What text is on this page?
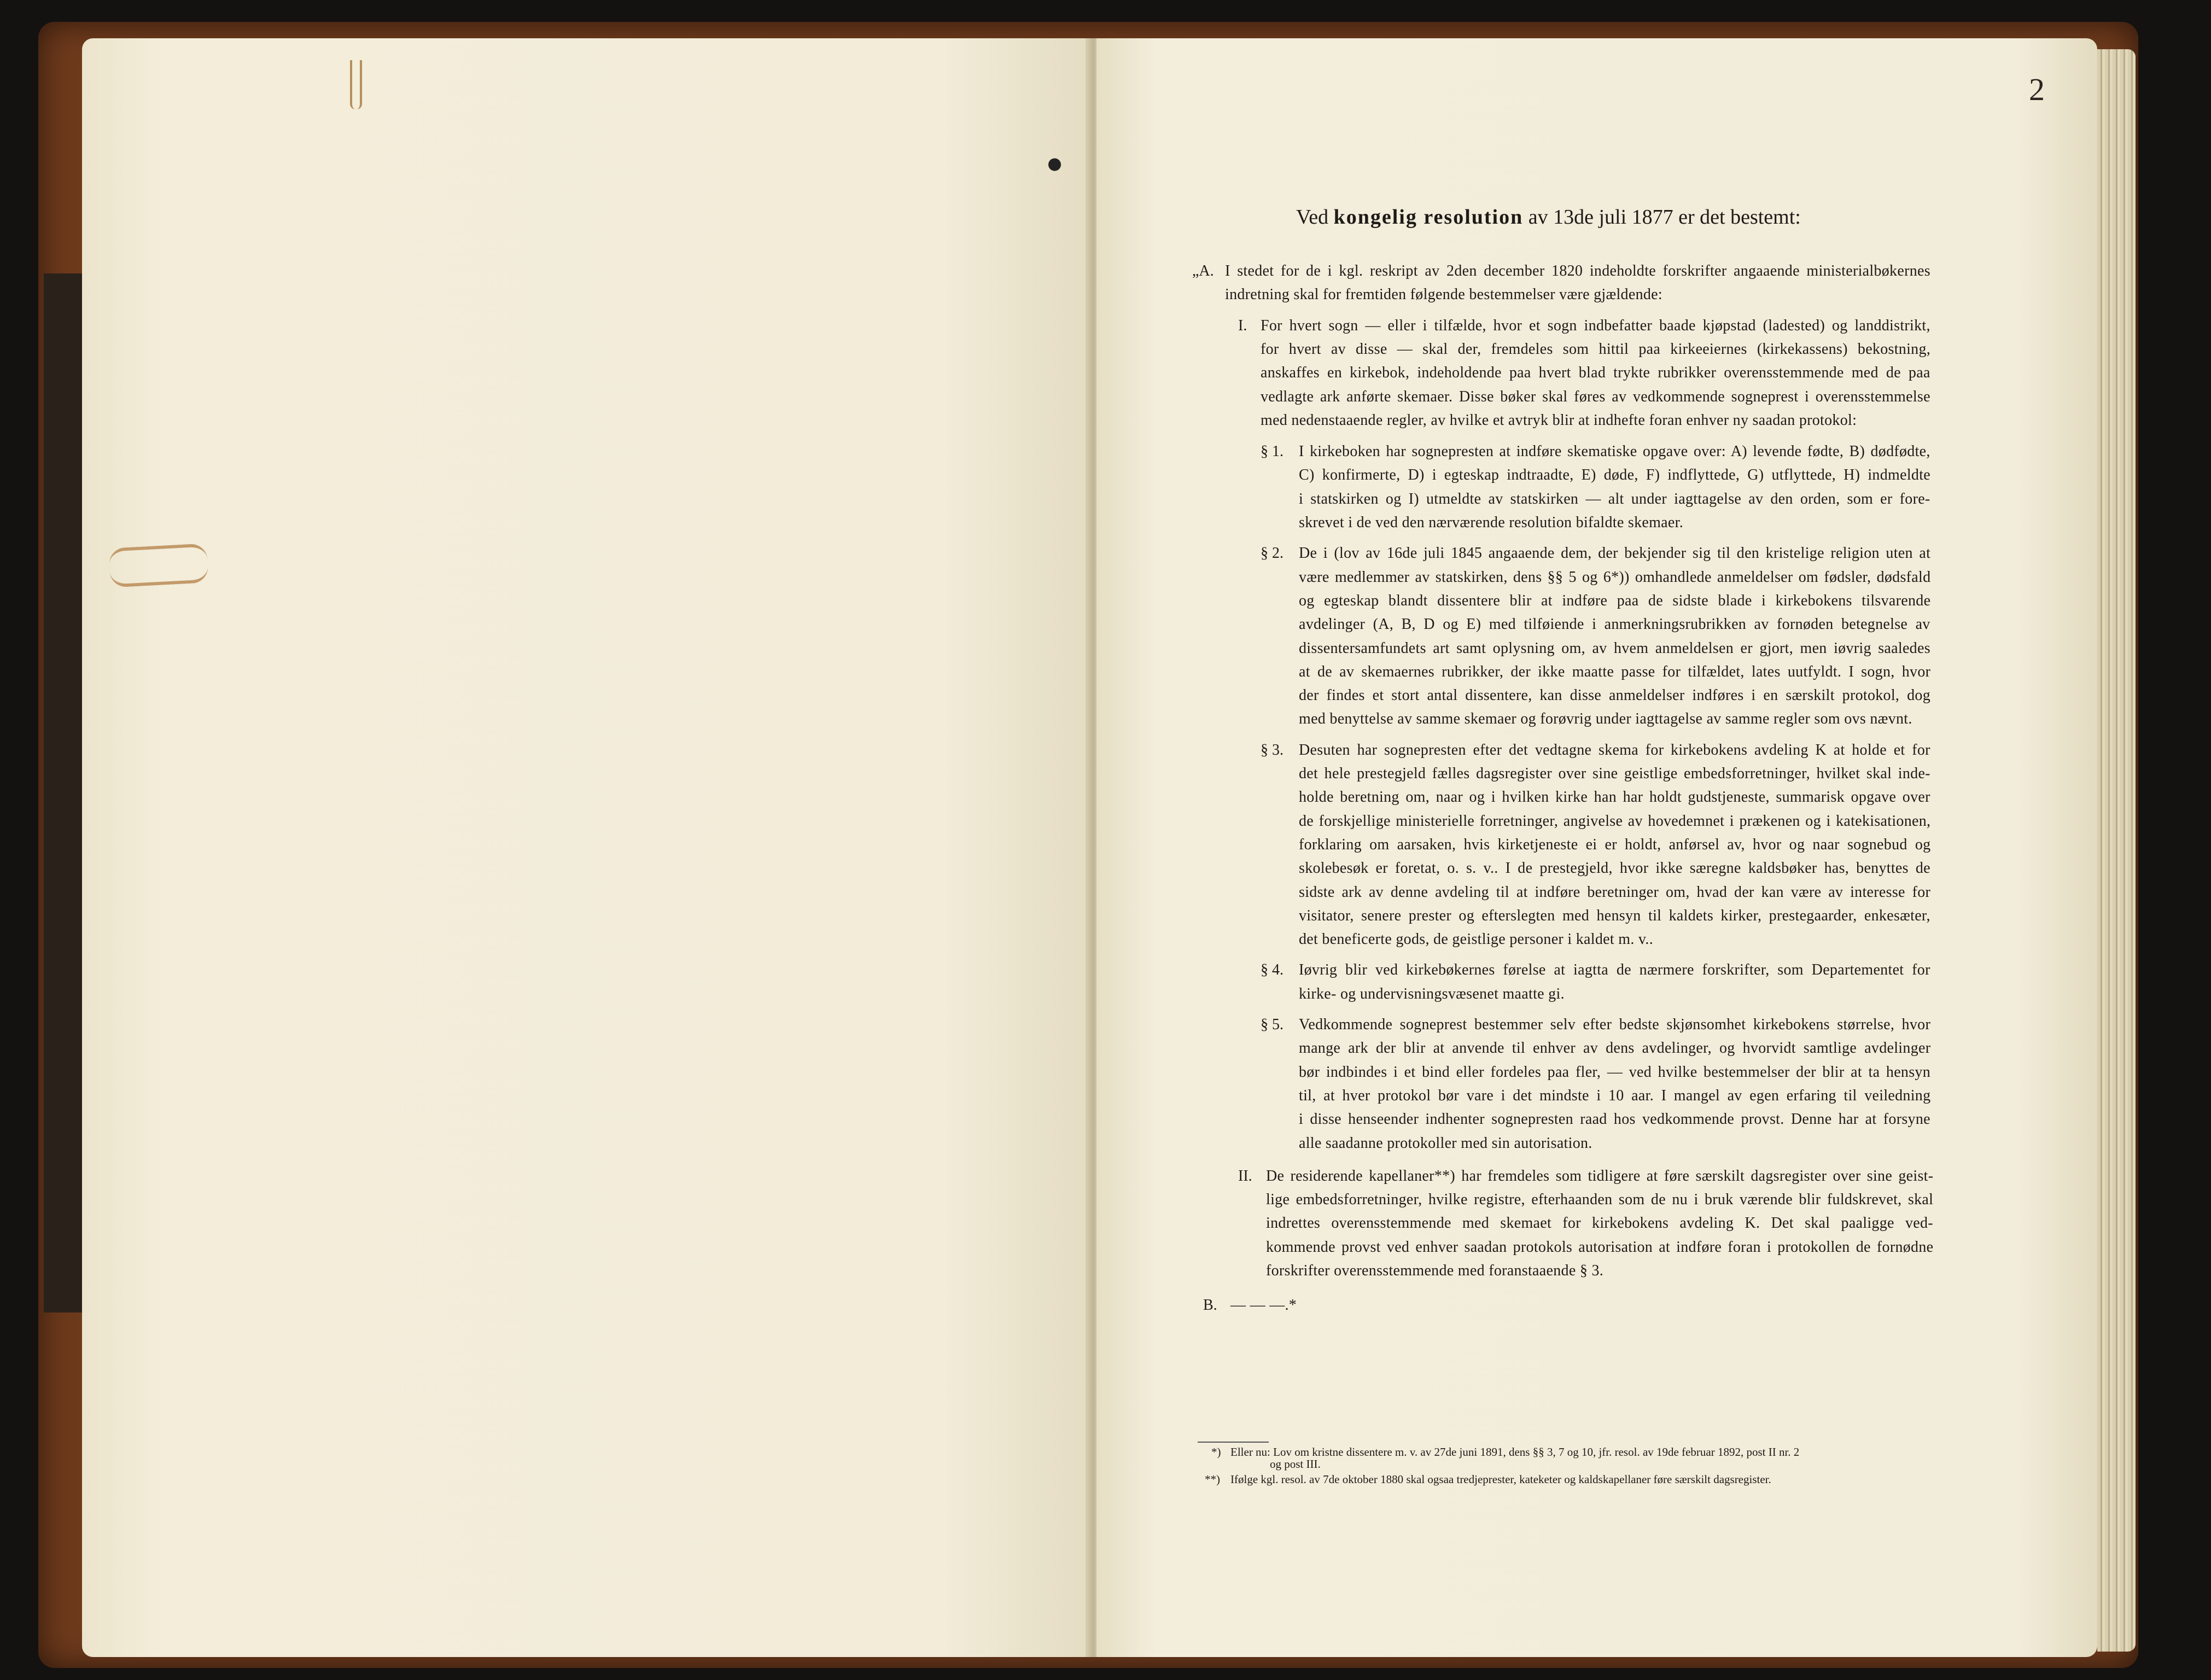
2
Ved kongelig resolution av 13de juli 1877 er det bestemt:
„A. I stedet for de i kgl. reskript av 2den december 1820 indeholdte forskrifter angaaende ministerialbøkernes
indretning skal for fremtiden følgende bestemmelser være gjældende:
I. For hvert sogn — eller i tilfælde, hvor et sogn indbefatter baade kjøpstad (ladested) og landdistrikt,
for hvert av disse — skal der, fremdeles som hittil paa kirkeeiernes (kirkekassens) bekostning,
anskaffes en kirkebok, indeholdende paa hvert blad trykte rubrikker overensstemmende med de paa
vedlagte ark anførte skemaer. Disse bøker skal føres av vedkommende sogneprest i overensstemmelse
med nedenstaaende regler, av hvilke et avtryk blir at indhefte foran enhver ny saadan protokol:
§ 1. I kirkeboken har sognepresten at indføre skematiske opgave over: A) levende fødte, B) dødfødte,
C) konfirmerte, D) i egteskap indtraadte, E) døde, F) indflyttede, G) utflyttede, H) indmeldte
i statskirken og I) utmeldte av statskirken — alt under iagttagelse av den orden, som er fore-
skrevet i de ved den nærværende resolution bifaldte skemaer.
§ 2. De i (lov av 16de juli 1845 angaaende dem, der bekjender sig til den kristelige religion uten at
være medlemmer av statskirken, dens §§ 5 og 6*)) omhandlede anmeldelser om fødsler, dødsfald
og egteskap blandt dissentere blir at indføre paa de sidste blade i kirkebokens tilsvarende
avdelinger (A, B, D og E) med tilføiende i anmerkningsrubrikken av fornøden betegnelse av
dissentersamfundets art samt oplysning om, av hvem anmeldelsen er gjort, men iøvrig saaledes
at de av skemaernes rubrikker, der ikke maatte passe for tilfældet, lates uutfyldt. I sogn, hvor
der findes et stort antal dissentere, kan disse anmeldelser indføres i en særskilt protokol, dog
med benyttelse av samme skemaer og forøvrig under iagttagelse av samme regler som ovs nævnt.
§ 3. Desuten har sognepresten efter det vedtagne skema for kirkebokens avdeling K at holde et for
det hele prestegjeld fælles dagsregister over sine geistlige embedsforretninger, hvilket skal inde-
holde beretning om, naar og i hvilken kirke han har holdt gudstjeneste, summarisk opgave over
de forskjellige ministerielle forretninger, angivelse av hovedemnet i prækenen og i katekisationen,
forklaring om aarsaken, hvis kirketjeneste ei er holdt, anførsel av, hvor og naar sognebud og
skolebesøk er foretat, o. s. v.. I de prestegjeld, hvor ikke særegne kaldsbøker has, benyttes de
sidste ark av denne avdeling til at indføre beretninger om, hvad der kan være av interesse for
visitator, senere prester og efterslegten med hensyn til kaldets kirker, prestegaarder, enkesæter,
det beneficerte gods, de geistlige personer i kaldet m. v..
§ 4. Iøvrig blir ved kirkebøkernes førelse at iagtta de nærmere forskrifter, som Departementet for
kirke- og undervisningsvæsenet maatte gi.
§ 5. Vedkommende sogneprest bestemmer selv efter bedste skjønsomhet kirkebokens størrelse, hvor
mange ark der blir at anvende til enhver av dens avdelinger, og hvorvidt samtlige avdelinger
bør indbindes i et bind eller fordeles paa fler, — ved hvilke bestemmelser der blir at ta hensyn
til, at hver protokol bør vare i det mindste i 10 aar. I mangel av egen erfaring til veiledning
i disse henseender indhenter sognepresten raad hos vedkommende provst. Denne har at forsyne
alle saadanne protokoller med sin autorisation.
II. De residerende kapellaner**) har fremdeles som tidligere at føre særskilt dagsregister over sine geist-
lige embedsforretninger, hvilke registre, efterhaanden som de nu i bruk værende blir fuldskrevet, skal
indrettes overensstemmende med skemaet for kirkebokens avdeling K. Det skal paaligge ved-
kommende provst ved enhver saadan protokols autorisation at indføre foran i protokollen de fornødne
forskrifter overensstemmende med foranstaaende § 3.
B. — — —.*
*) Eller nu: Lov om kristne dissentere m. v. av 27de juni 1891, dens §§ 3, 7 og 10, jfr. resol. av 19de februar 1892, post II nr. 2
og post III.
**) Ifølge kgl. resol. av 7de oktober 1880 skal ogsaa tredjeprester, kateketer og kaldskapellaner føre særskilt dagsregister.
